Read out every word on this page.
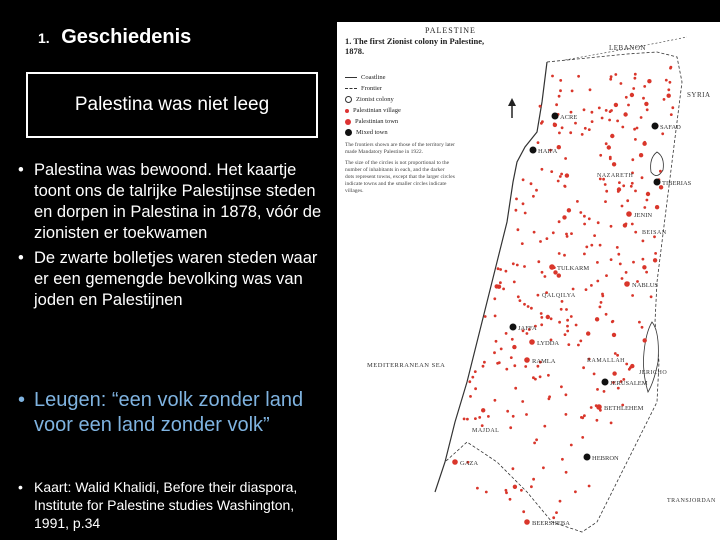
1. Geschiedenis
Palestina was niet leeg
• Palestina was bewoond. Het kaartje toont ons de talrijke Palestijnse steden en dorpen in Palestina in 1878, vóór de zionisten er toekwamen
• De zwarte bolletjes waren steden waar er een gemengde bevolking was van joden en Palestijnen
• Leugen: “een volk zonder land voor een land zonder volk”
• Kaart: Walid Khalidi, Before their diaspora, Institute for Palestine studies Washington, 1991, p.34
ACRE
HAIFA
SAFAD
TIBERIAS
JENIN
NABLUS
TULKARM
JAFFA
LYDDA
RAMLA
JERUSALEM
BETHLEHEM
HEBRON
GAZA
BEERSHEBA
LEBANON
SYRIA
MEDITERRANEAN SEA
NAZARETH
TRANSJORDAN
BEISAN
QALQILYA
MAJDAL
JERICHO
RAMALLAH
PALESTINE
1. The first Zionist colony in Palestine, 1878.
Coastline
Frontier
Zionist colony
Palestinian village
Palestinian town
Mixed town

The frontiers shown are those of the territory later made Mandatory Palestine in 1922.

The size of the circles is not proportional to the number of inhabitants in each, and the darker dots represent towns, except that the larger circles indicate towns and the smaller circles indicate villages.
